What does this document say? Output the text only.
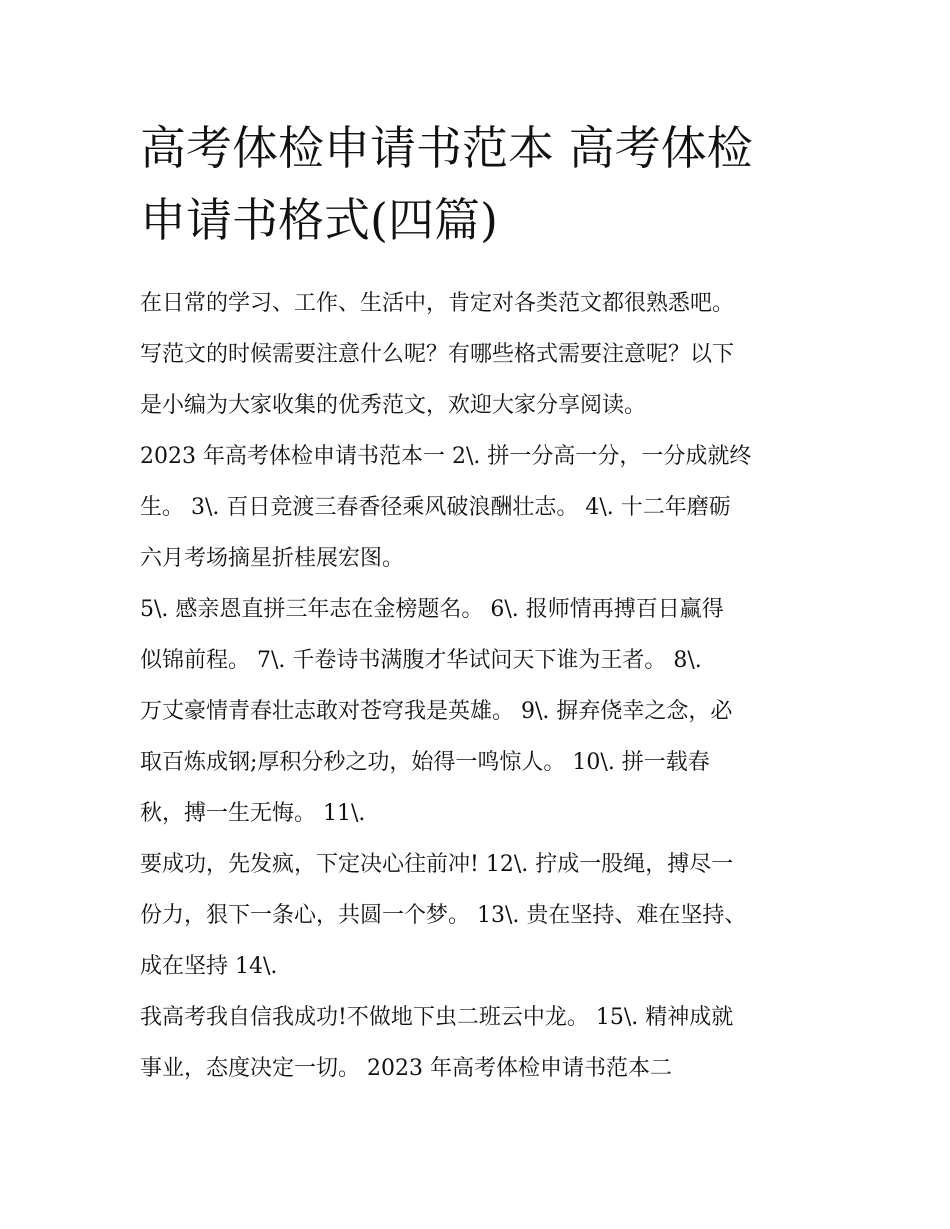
高考体检申请书范本 高考体检
申请书格式(四篇)
在日常的学习、工作、生活中，肯定对各类范文都很熟悉吧。
写范文的时候需要注意什么呢？有哪些格式需要注意呢？以下
是小编为大家收集的优秀范文，欢迎大家分享阅读。
2023 年高考体检申请书范本一 2\. 拼一分高一分，一分成就终
生。 3\. 百日竞渡三春香径乘风破浪酬壮志。 4\. 十二年磨砺
六月考场摘星折桂展宏图。
5\. 感亲恩直拼三年志在金榜题名。 6\. 报师情再搏百日赢得
似锦前程。 7\. 千卷诗书满腹才华试问天下谁为王者。 8\.
万丈豪情青春壮志敢对苍穹我是英雄。 9\. 摒弃侥幸之念，必
取百炼成钢;厚积分秒之功，始得一鸣惊人。 10\. 拼一载春
秋，搏一生无悔。 11\.
要成功，先发疯，下定决心往前冲! 12\. 拧成一股绳，搏尽一
份力，狠下一条心，共圆一个梦。 13\. 贵在坚持、难在坚持、
成在坚持 14\.
我高考我自信我成功!不做地下虫二班云中龙。 15\. 精神成就
事业，态度决定一切。 2023 年高考体检申请书范本二
